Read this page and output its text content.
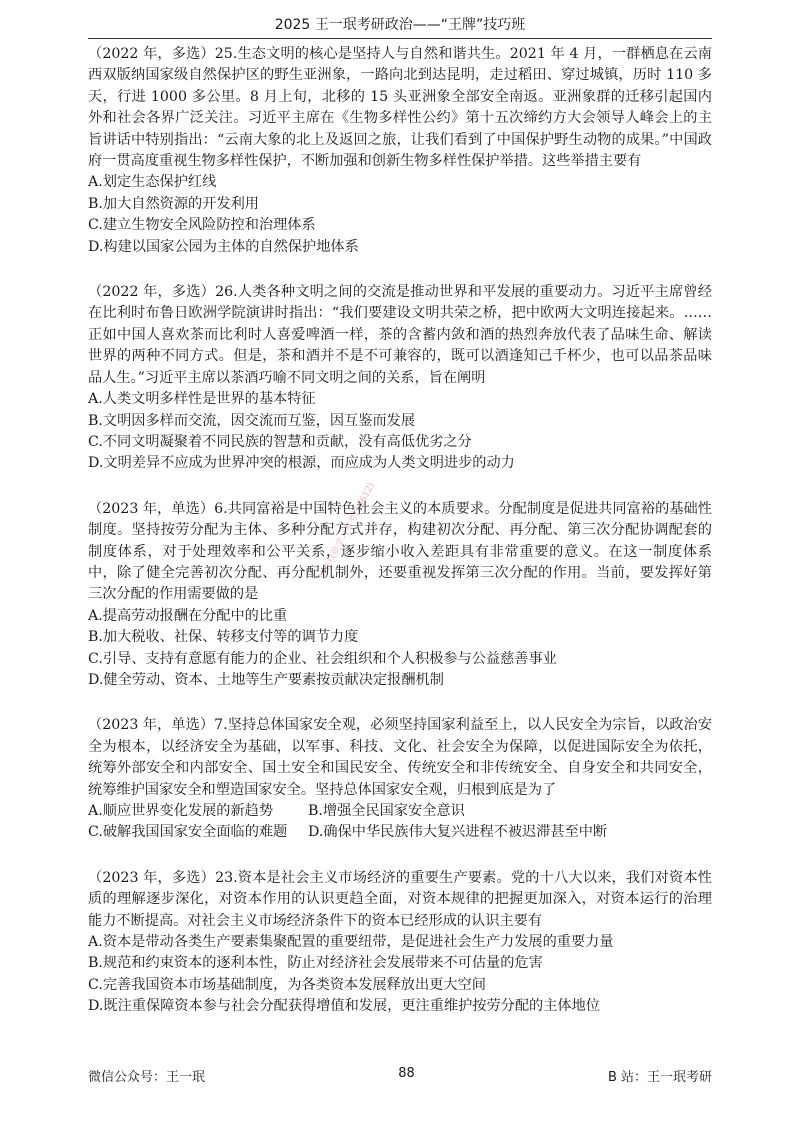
2025 王一珉考研政治——“王牌”技巧班
试卷仅供学习参考(16612)

（2022 年，多选）25.生态文明的核心是坚持人与自然和谐共生。2021 年 4 月，一群栖息在云南西双版纳国家级自然保护区的野生亚洲象，一路向北到达昆明，走过稻田、穿过城镇，历时 110 多天，行进 1000 多公里。8 月上旬，北移的 15 头亚洲象全部安全南返。亚洲象群的迁移引起国内外和社会各界广泛关注。习近平主席在《生物多样性公约》第十五次缔约方大会领导人峰会上的主旨讲话中特别指出：“云南大象的北上及返回之旅，让我们看到了中国保护野生动物的成果。”中国政府一贯高度重视生物多样性保护，不断加强和创新生物多样性保护举措。这些举措主要有

A.划定生态保护红线
B.加大自然资源的开发利用
C.建立生物安全风险防控和治理体系
D.构建以国家公园为主体的自然保护地体系

（2022 年，多选）26.人类各种文明之间的交流是推动世界和平发展的重要动力。习近平主席曾经在比利时布鲁日欧洲学院演讲时指出：“我们要建设文明共荣之桥，把中欧两大文明连接起来。……正如中国人喜欢茶而比利时人喜爱啤酒一样，茶的含蓄内敛和酒的热烈奔放代表了品味生命、解读世界的两种不同方式。但是，茶和酒并不是不可兼容的，既可以酒逢知己千杯少，也可以品茶品味品人生。”习近平主席以茶酒巧喻不同文明之间的关系，旨在阐明

A.人类文明多样性是世界的基本特征
B.文明因多样而交流，因交流而互鉴，因互鉴而发展
C.不同文明凝聚着不同民族的智慧和贡献，没有高低优劣之分
D.文明差异不应成为世界冲突的根源，而应成为人类文明进步的动力

（2023 年，单选）6.共同富裕是中国特色社会主义的本质要求。分配制度是促进共同富裕的基础性制度。坚持按劳分配为主体、多种分配方式并存，构建初次分配、再分配、第三次分配协调配套的制度体系，对于处理效率和公平关系，逐步缩小收入差距具有非常重要的意义。在这一制度体系中，除了健全完善初次分配、再分配机制外，还要重视发挥第三次分配的作用。当前，要发挥好第三次分配的作用需要做的是

A.提高劳动报酬在分配中的比重
B.加大税收、社保、转移支付等的调节力度
C.引导、支持有意愿有能力的企业、社会组织和个人积极参与公益慈善事业
D.健全劳动、资本、土地等生产要素按贡献决定报酬机制

（2023 年，单选）7.坚持总体国家安全观，必须坚持国家利益至上，以人民安全为宗旨，以政治安全为根本，以经济安全为基础，以军事、科技、文化、社会安全为保障，以促进国际安全为依托，统筹外部安全和内部安全、国土安全和国民安全、传统安全和非传统安全、自身安全和共同安全，统筹维护国家安全和塑造国家安全。坚持总体国家安全观，归根到底是为了

A.顺应世界变化发展的新趋势	B.增强全民国家安全意识
C.破解我国国家安全面临的难题	D.确保中华民族伟大复兴进程不被迟滞甚至中断

（2023 年，多选）23.资本是社会主义市场经济的重要生产要素。党的十八大以来，我们对资本性质的理解逐步深化，对资本作用的认识更趋全面，对资本规律的把握更加深入，对资本运行的治理能力不断提高。对社会主义市场经济条件下的资本已经形成的认识主要有

A.资本是带动各类生产要素集聚配置的重要纽带，是促进社会生产力发展的重要力量
B.规范和约束资本的逐利本性，防止对经济社会发展带来不可估量的危害
C.完善我国资本市场基础制度，为各类资本发展释放出更大空间
D.既注重保障资本参与社会分配获得增值和发展，更注重维护按劳分配的主体地位
微信公众号：王一珉	88	B 站：王一珉考研
